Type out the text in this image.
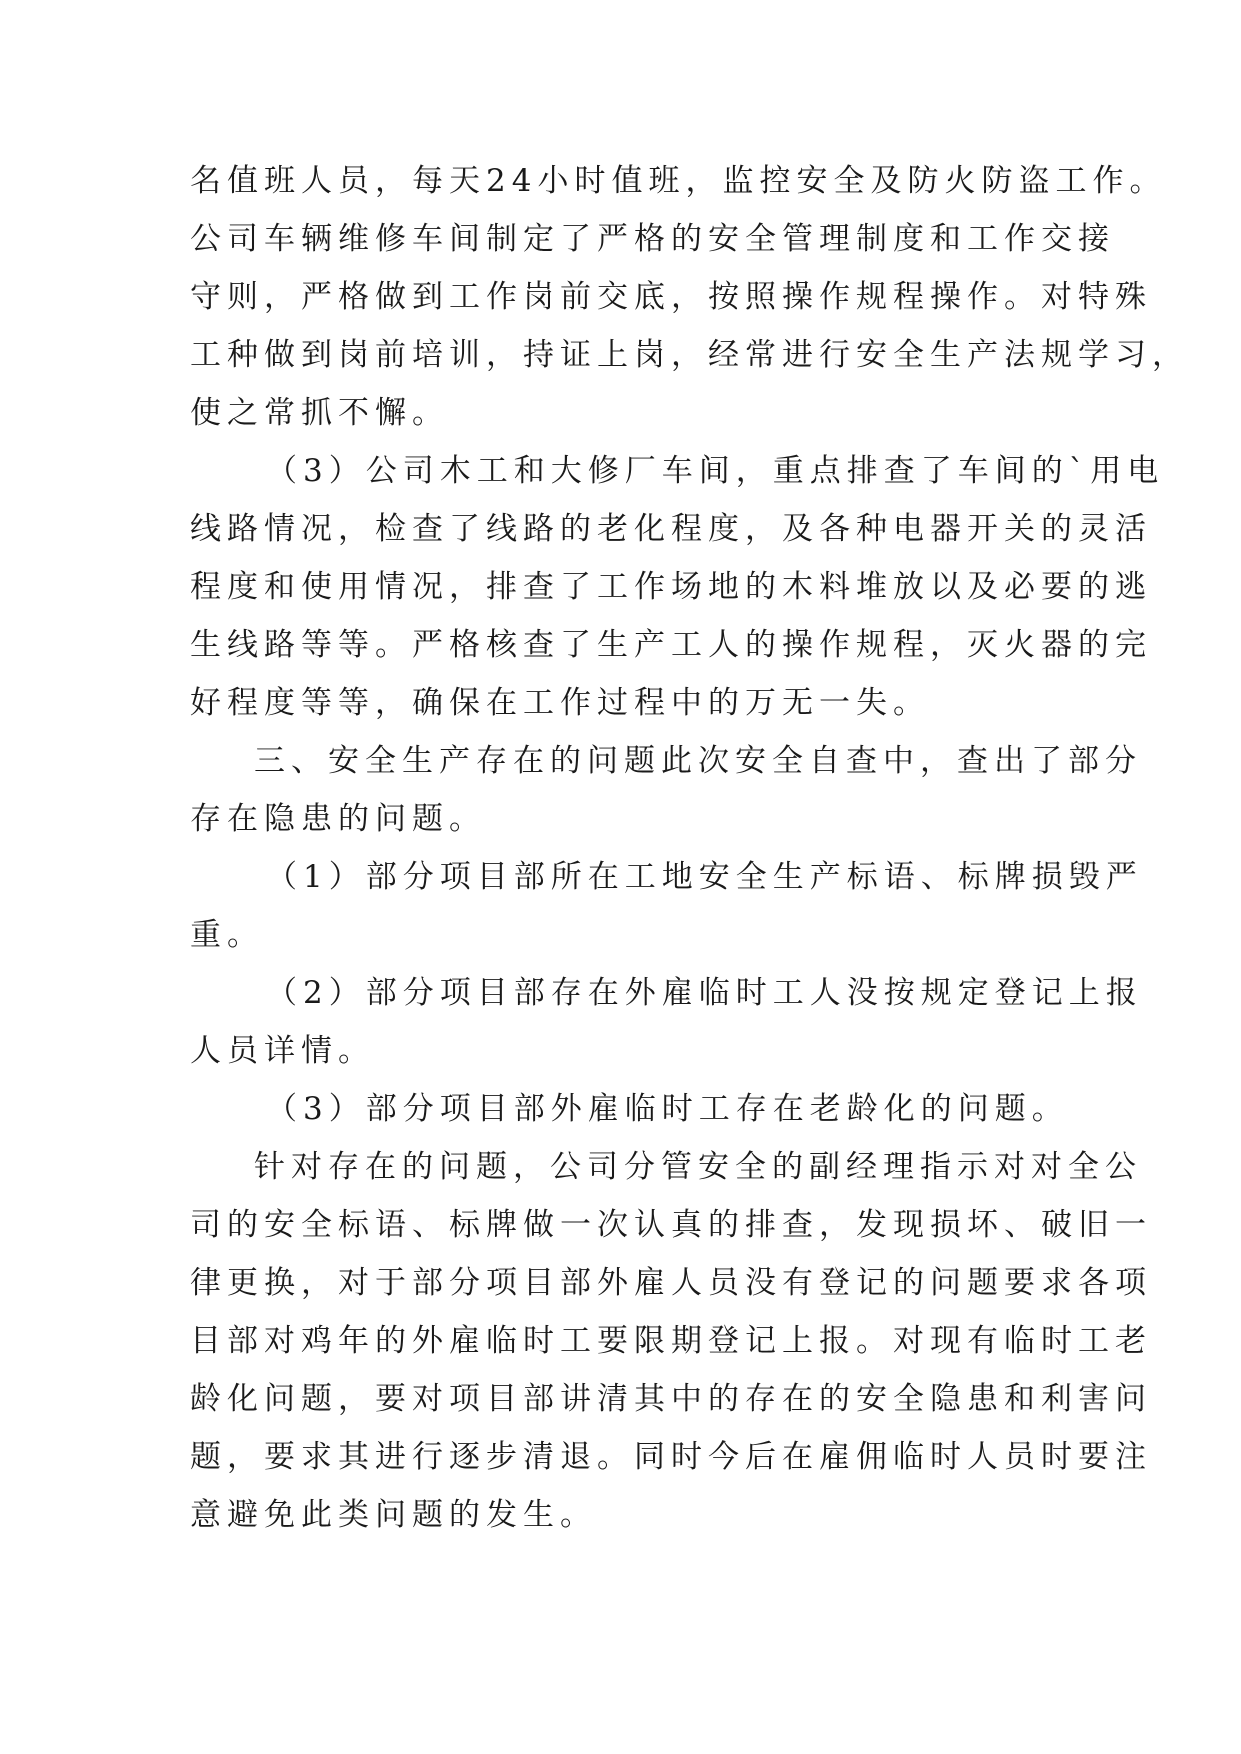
名值班人员，每天24小时值班，监控安全及防火防盗工作。
公司车辆维修车间制定了严格的安全管理制度和工作交接
守则，严格做到工作岗前交底，按照操作规程操作。对特殊
工种做到岗前培训，持证上岗，经常进行安全生产法规学习，
使之常抓不懈。
（3）公司木工和大修厂车间，重点排查了车间的`用电
线路情况，检查了线路的老化程度，及各种电器开关的灵活
程度和使用情况，排查了工作场地的木料堆放以及必要的逃
生线路等等。严格核查了生产工人的操作规程，灭火器的完
好程度等等，确保在工作过程中的万无一失。
三、安全生产存在的问题此次安全自查中，查出了部分
存在隐患的问题。
（1）部分项目部所在工地安全生产标语、标牌损毁严
重。
（2）部分项目部存在外雇临时工人没按规定登记上报
人员详情。
（3）部分项目部外雇临时工存在老龄化的问题。
针对存在的问题，公司分管安全的副经理指示对对全公
司的安全标语、标牌做一次认真的排查，发现损坏、破旧一
律更换，对于部分项目部外雇人员没有登记的问题要求各项
目部对鸡年的外雇临时工要限期登记上报。对现有临时工老
龄化问题，要对项目部讲清其中的存在的安全隐患和利害问
题，要求其进行逐步清退。同时今后在雇佣临时人员时要注
意避免此类问题的发生。
